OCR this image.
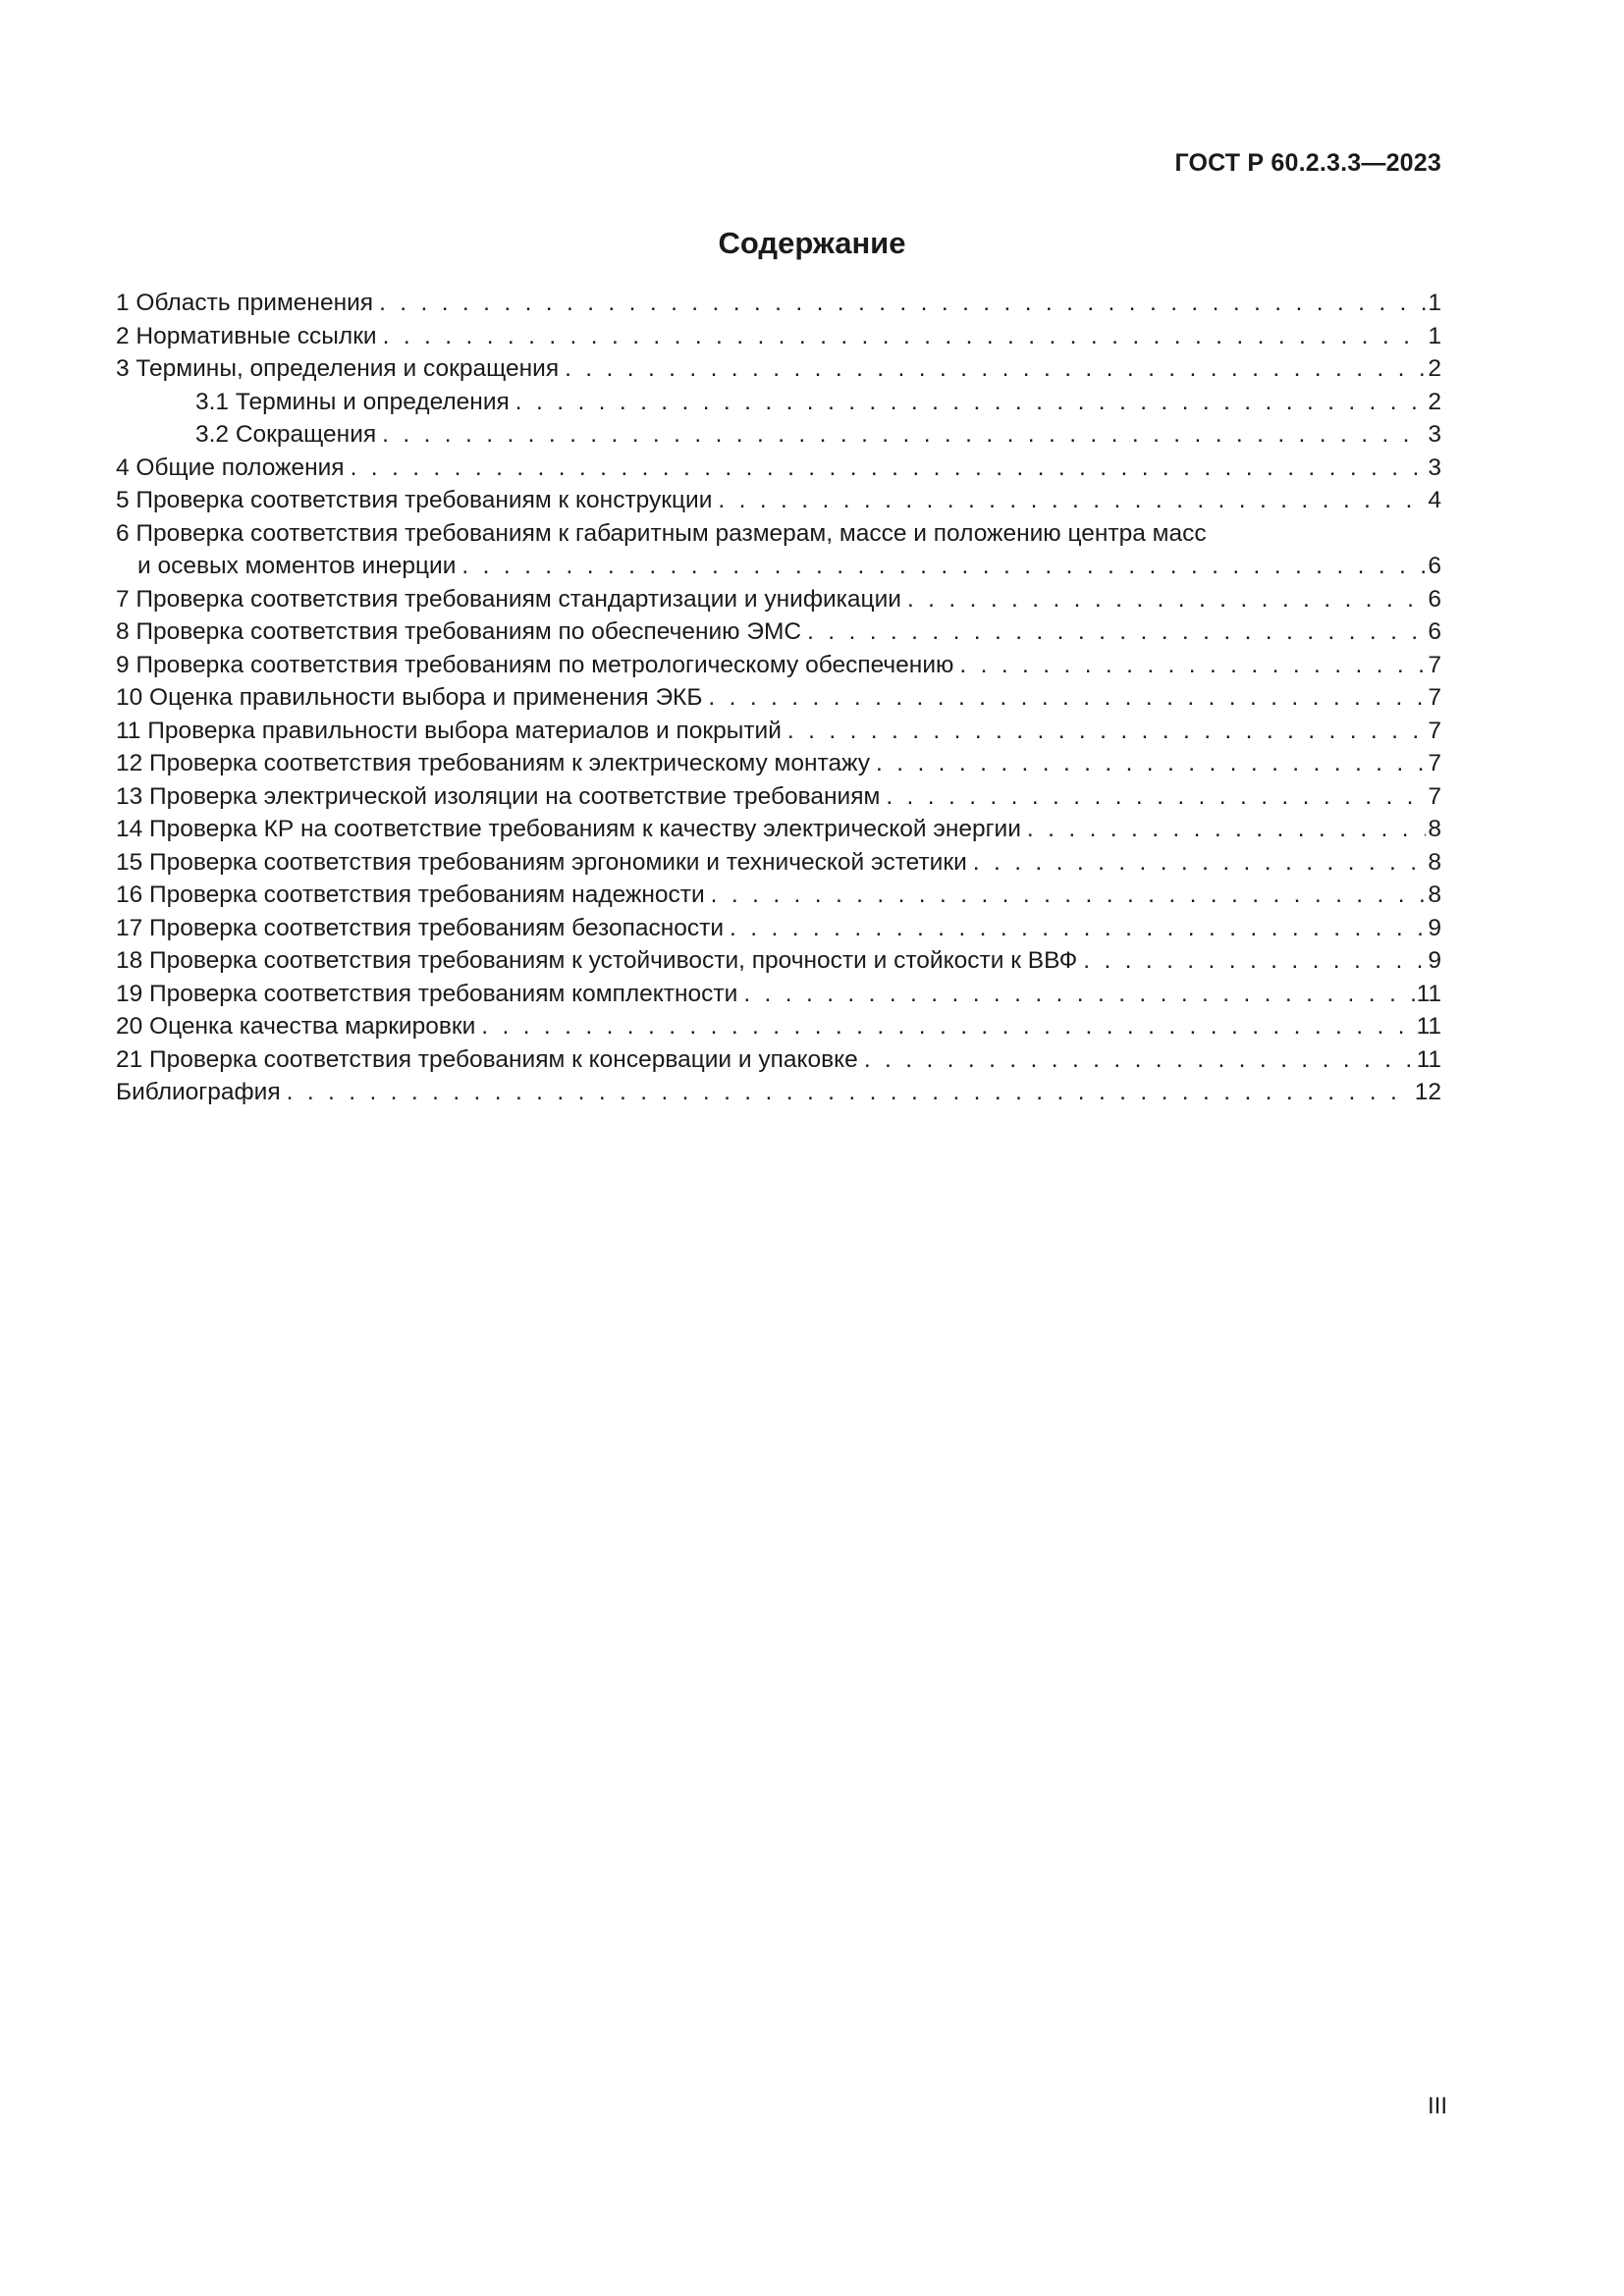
ГОСТ Р 60.2.3.3—2023
Содержание
1 Область применения . . .	1
2 Нормативные ссылки . . .	1
3 Термины, определения и сокращения . . .	2
3.1 Термины и определения . . .	2
3.2 Сокращения . . .	3
4 Общие положения . . .	3
5 Проверка соответствия требованиям к конструкции . . .	4
6 Проверка соответствия требованиям к габаритным размерам, массе и положению центра масс
и осевых моментов инерции . . .	6
7 Проверка соответствия требованиям стандартизации и унификации . . .	6
8 Проверка соответствия требованиям по обеспечению ЭМС . . .	6
9 Проверка соответствия требованиям по метрологическому обеспечению . . .	7
10 Оценка правильности выбора и применения ЭКБ . . .	7
11 Проверка правильности выбора материалов и покрытий . . .	7
12 Проверка соответствия требованиям к электрическому монтажу . . .	7
13 Проверка электрической изоляции на соответствие требованиям . . .	7
14 Проверка КР на соответствие требованиям к качеству электрической энергии . . .	8
15 Проверка соответствия требованиям эргономики и технической эстетики . . .	8
16 Проверка соответствия требованиям надежности . . .	8
17 Проверка соответствия требованиям безопасности . . .	9
18 Проверка соответствия требованиям к устойчивости, прочности и стойкости к ВВФ . . .	9
19 Проверка соответствия требованиям комплектности . . .	11
20 Оценка качества маркировки . . .	11
21 Проверка соответствия требованиям к консервации и упаковке . . .	11
Библиография . . .	12
III
